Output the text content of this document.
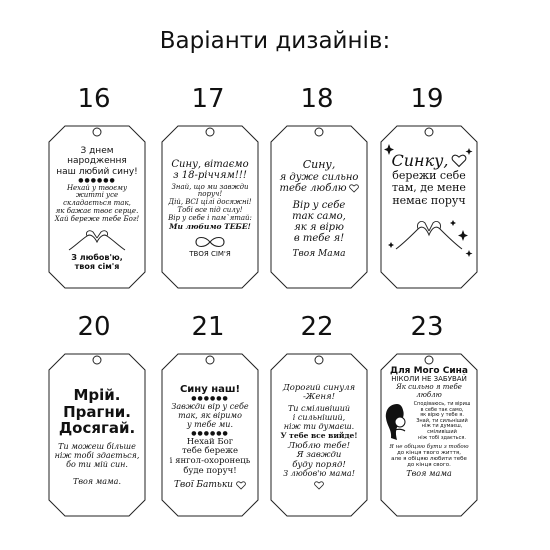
Варіанти дизайнів:
16	17	18	19
20	21	22	23
З днем
народження
наш любий сину!
●●●●●●
Нехай у твоєму
житті усе
складається так,
як бажає твоє серце.
Хай береже тебе Бог!
З любов'ю,
твоя сім'я
Сину, вітаємо
з 18-річчям!!!
Знай, що ми завжди
поруч!
Дій, ВСІ цілі досяжні!
Тобі все під силу!
Вір у себе і пам`ятай:
Ми любимо ТЕБЕ!
ТВОЯ СІМ'Я
Сину,
я дуже сильно
тебе люблю
Вір у себе
так само,
як я вірю
в тебе я!
Твоя Мама
Синку,
бережи себе
там, де мене
немає поруч
Мрій.
Прагни.
Досягай.
Ти можеш більше
ніж тобі здається,
бо ти мій син.
Твоя мама.
Сину наш!
●●●●●●
Завжди вір у себе
так, як віримо
у тебе ми.
●●●●●●
Нехай Бог
тебе береже
і янгол-охоронець
буде поруч!
Твої Батьки
Дорогий синуля
-Женя!
Ти сміливіший
і сильніший,
ніж ти думаєш.
У тебе все вийде!
Люблю тебе!
Я завжди
буду поряд!
З любов'ю мама!
Для Мого Сина
НІКОЛИ НЕ ЗАБУВАЙ
Як сильно я тебе люблю
Сподіваюсь, ти віриш
в себе так само,
як вірю у тебе я.
Знай, ти сильніший
ніж ти думаєш,
сміливіший
ніж тобі здається.
Я не обіцяю бути з тобою
до кінця твого життя,
але я обіцяю любити тебе
до кінця свого.
Твоя мама
